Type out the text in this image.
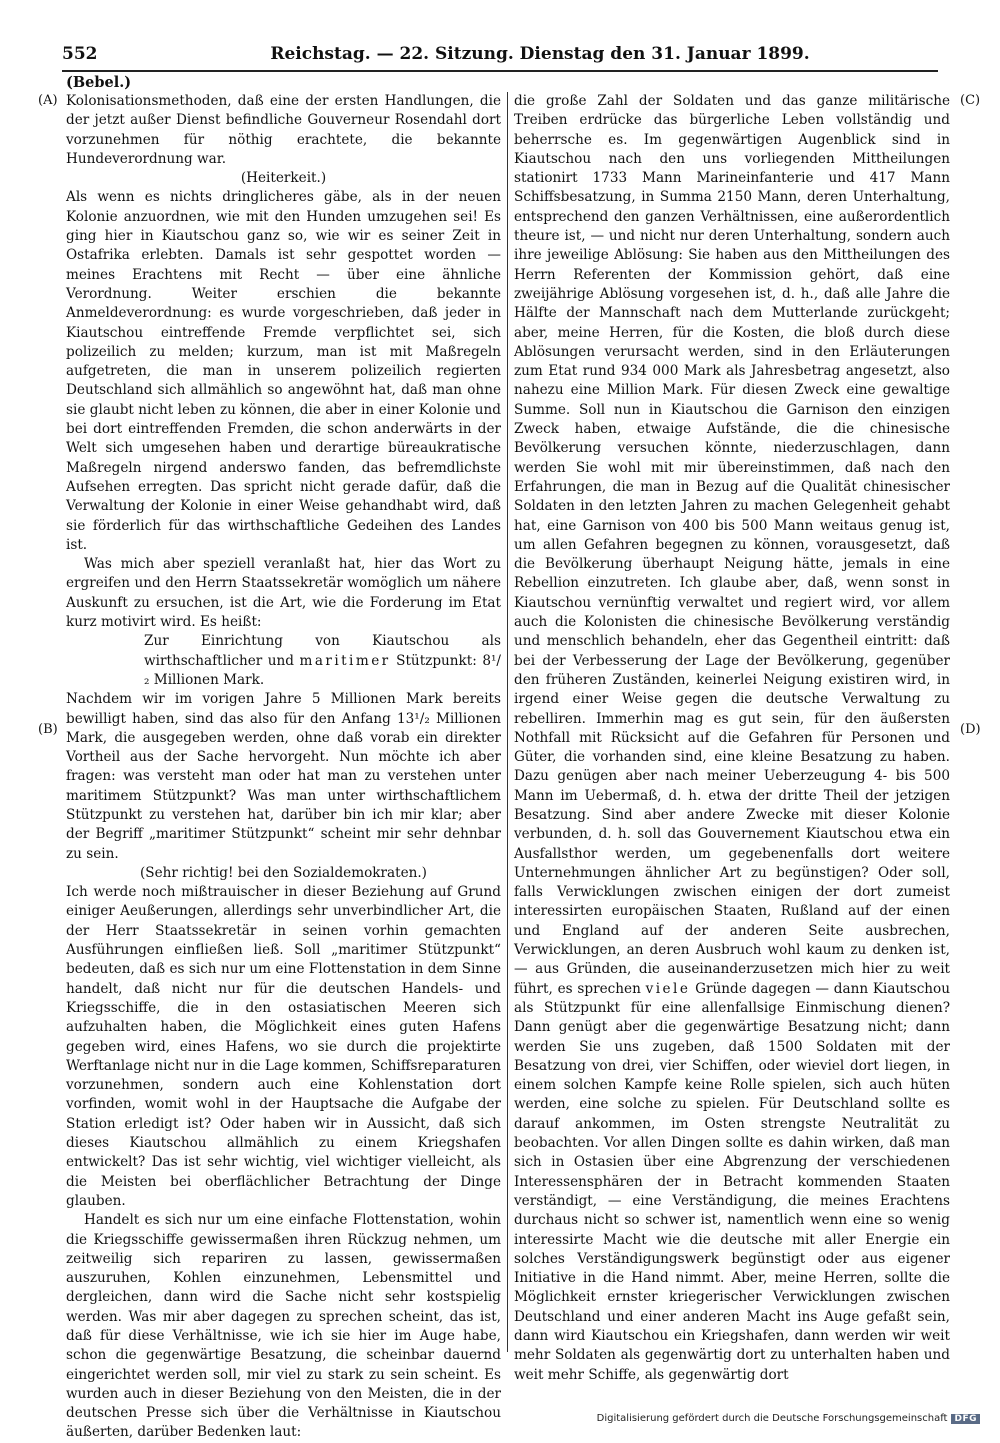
552	Reichstag. — 22. Sitzung. Dienstag den 31. Januar 1899.
(Bebel.)
(A)
(B)
(C)
(D)

Kolonisationsmethoden, daß eine der ersten Handlungen, die der jetzt außer Dienst befindliche Gouverneur Rosendahl dort vorzunehmen für nöthig erachtete, die bekannte Hundeverordnung war.

(Heiterkeit.)

Als wenn es nichts dringlicheres gäbe, als in der neuen Kolonie anzuordnen, wie mit den Hunden umzugehen sei! Es ging hier in Kiautschou ganz so, wie wir es seiner Zeit in Ostafrika erlebten. Damals ist sehr gespottet worden — meines Erachtens mit Recht — über eine ähnliche Verordnung. Weiter erschien die bekannte Anmeldeverordnung: es wurde vorgeschrieben, daß jeder in Kiautschou eintreffende Fremde verpflichtet sei, sich polizeilich zu melden; kurzum, man ist mit Maßregeln aufgetreten, die man in unserem polizeilich regierten Deutschland sich allmählich so angewöhnt hat, daß man ohne sie glaubt nicht leben zu können, die aber in einer Kolonie und bei dort eintreffenden Fremden, die schon anderwärts in der Welt sich umgesehen haben und derartige büreaukratische Maßregeln nirgend anderswo fanden, das befremdlichste Aufsehen erregten. Das spricht nicht gerade dafür, daß die Verwaltung der Kolonie in einer Weise gehandhabt wird, daß sie förderlich für das wirthschaftliche Gedeihen des Landes ist.

Was mich aber speziell veranlaßt hat, hier das Wort zu ergreifen und den Herrn Staatssekretär womöglich um nähere Auskunft zu ersuchen, ist die Art, wie die Forderung im Etat kurz motivirt wird. Es heißt:

Zur Einrichtung von Kiautschou als wirthschaftlicher und maritimer Stützpunkt: 8¹/₂ Millionen Mark.

Nachdem wir im vorigen Jahre 5 Millionen Mark bereits bewilligt haben, sind das also für den Anfang 13¹/₂ Millionen Mark, die ausgegeben werden, ohne daß vorab ein direkter Vortheil aus der Sache hervorgeht. Nun möchte ich aber fragen: was versteht man oder hat man zu verstehen unter maritimem Stützpunkt? Was man unter wirthschaftlichem Stützpunkt zu verstehen hat, darüber bin ich mir klar; aber der Begriff „maritimer Stützpunkt“ scheint mir sehr dehnbar zu sein.

(Sehr richtig! bei den Sozialdemokraten.)

Ich werde noch mißtrauischer in dieser Beziehung auf Grund einiger Aeußerungen, allerdings sehr unverbindlicher Art, die der Herr Staatssekretär in seinen vorhin gemachten Ausführungen einfließen ließ. Soll „maritimer Stützpunkt“ bedeuten, daß es sich nur um eine Flottenstation in dem Sinne handelt, daß nicht nur für die deutschen Handels- und Kriegsschiffe, die in den ostasiatischen Meeren sich aufzuhalten haben, die Möglichkeit eines guten Hafens gegeben wird, eines Hafens, wo sie durch die projektirte Werftanlage nicht nur in die Lage kommen, Schiffsreparaturen vorzunehmen, sondern auch eine Kohlenstation dort vorfinden, womit wohl in der Hauptsache die Aufgabe der Station erledigt ist? Oder haben wir in Aussicht, daß sich dieses Kiautschou allmählich zu einem Kriegshafen entwickelt? Das ist sehr wichtig, viel wichtiger vielleicht, als die Meisten bei oberflächlicher Betrachtung der Dinge glauben.

Handelt es sich nur um eine einfache Flottenstation, wohin die Kriegsschiffe gewissermaßen ihren Rückzug nehmen, um zeitweilig sich repariren zu lassen, gewissermaßen auszuruhen, Kohlen einzunehmen, Lebensmittel und dergleichen, dann wird die Sache nicht sehr kostspielig werden. Was mir aber dagegen zu sprechen scheint, das ist, daß für diese Verhältnisse, wie ich sie hier im Auge habe, schon die gegenwärtige Besatzung, die scheinbar dauernd eingerichtet werden soll, mir viel zu stark zu sein scheint. Es wurden auch in dieser Beziehung von den Meisten, die in der deutschen Presse sich über die Verhältnisse in Kiautschou äußerten, darüber Bedenken laut:

die große Zahl der Soldaten und das ganze militärische Treiben erdrücke das bürgerliche Leben vollständig und beherrsche es. Im gegenwärtigen Augenblick sind in Kiautschou nach den uns vorliegenden Mittheilungen stationirt 1733 Mann Marineinfanterie und 417 Mann Schiffsbesatzung, in Summa 2150 Mann, deren Unterhaltung, entsprechend den ganzen Verhältnissen, eine außerordentlich theure ist, — und nicht nur deren Unterhaltung, sondern auch ihre jeweilige Ablösung: Sie haben aus den Mittheilungen des Herrn Referenten der Kommission gehört, daß eine zweijährige Ablösung vorgesehen ist, d. h., daß alle Jahre die Hälfte der Mannschaft nach dem Mutterlande zurückgeht; aber, meine Herren, für die Kosten, die bloß durch diese Ablösungen verursacht werden, sind in den Erläuterungen zum Etat rund 934 000 Mark als Jahresbetrag angesetzt, also nahezu eine Million Mark. Für diesen Zweck eine gewaltige Summe. Soll nun in Kiautschou die Garnison den einzigen Zweck haben, etwaige Aufstände, die die chinesische Bevölkerung versuchen könnte, niederzuschlagen, dann werden Sie wohl mit mir übereinstimmen, daß nach den Erfahrungen, die man in Bezug auf die Qualität chinesischer Soldaten in den letzten Jahren zu machen Gelegenheit gehabt hat, eine Garnison von 400 bis 500 Mann weitaus genug ist, um allen Gefahren begegnen zu können, vorausgesetzt, daß die Bevölkerung überhaupt Neigung hätte, jemals in eine Rebellion einzutreten. Ich glaube aber, daß, wenn sonst in Kiautschou vernünftig verwaltet und regiert wird, vor allem auch die Kolonisten die chinesische Bevölkerung verständig und menschlich behandeln, eher das Gegentheil eintritt: daß bei der Verbesserung der Lage der Bevölkerung, gegenüber den früheren Zuständen, keinerlei Neigung existiren wird, in irgend einer Weise gegen die deutsche Verwaltung zu rebelliren. Immerhin mag es gut sein, für den äußersten Nothfall mit Rücksicht auf die Gefahren für Personen und Güter, die vorhanden sind, eine kleine Besatzung zu haben. Dazu genügen aber nach meiner Ueberzeugung 4- bis 500 Mann im Uebermaß, d. h. etwa der dritte Theil der jetzigen Besatzung. Sind aber andere Zwecke mit dieser Kolonie verbunden, d. h. soll das Gouvernement Kiautschou etwa ein Ausfallsthor werden, um gegebenenfalls dort weitere Unternehmungen ähnlicher Art zu begünstigen? Oder soll, falls Verwicklungen zwischen einigen der dort zumeist interessirten europäischen Staaten, Rußland auf der einen und England auf der anderen Seite ausbrechen, Verwicklungen, an deren Ausbruch wohl kaum zu denken ist, — aus Gründen, die auseinanderzusetzen mich hier zu weit führt, es sprechen viele Gründe dagegen — dann Kiautschou als Stützpunkt für eine allenfallsige Einmischung dienen? Dann genügt aber die gegenwärtige Besatzung nicht; dann werden Sie uns zugeben, daß 1500 Soldaten mit der Besatzung von drei, vier Schiffen, oder wieviel dort liegen, in einem solchen Kampfe keine Rolle spielen, sich auch hüten werden, eine solche zu spielen. Für Deutschland sollte es darauf ankommen, im Osten strengste Neutralität zu beobachten. Vor allen Dingen sollte es dahin wirken, daß man sich in Ostasien über eine Abgrenzung der verschiedenen Interessensphären der in Betracht kommenden Staaten verständigt, — eine Verständigung, die meines Erachtens durchaus nicht so schwer ist, namentlich wenn eine so wenig interessirte Macht wie die deutsche mit aller Energie ein solches Verständigungswerk begünstigt oder aus eigener Initiative in die Hand nimmt. Aber, meine Herren, sollte die Möglichkeit ernster kriegerischer Verwicklungen zwischen Deutschland und einer anderen Macht ins Auge gefaßt sein, dann wird Kiautschou ein Kriegshafen, dann werden wir weit mehr Soldaten als gegenwärtig dort zu unterhalten haben und weit mehr Schiffe, als gegenwärtig dort

Digitalisierung gefördert durch die Deutsche Forschungsgemeinschaft DFG
